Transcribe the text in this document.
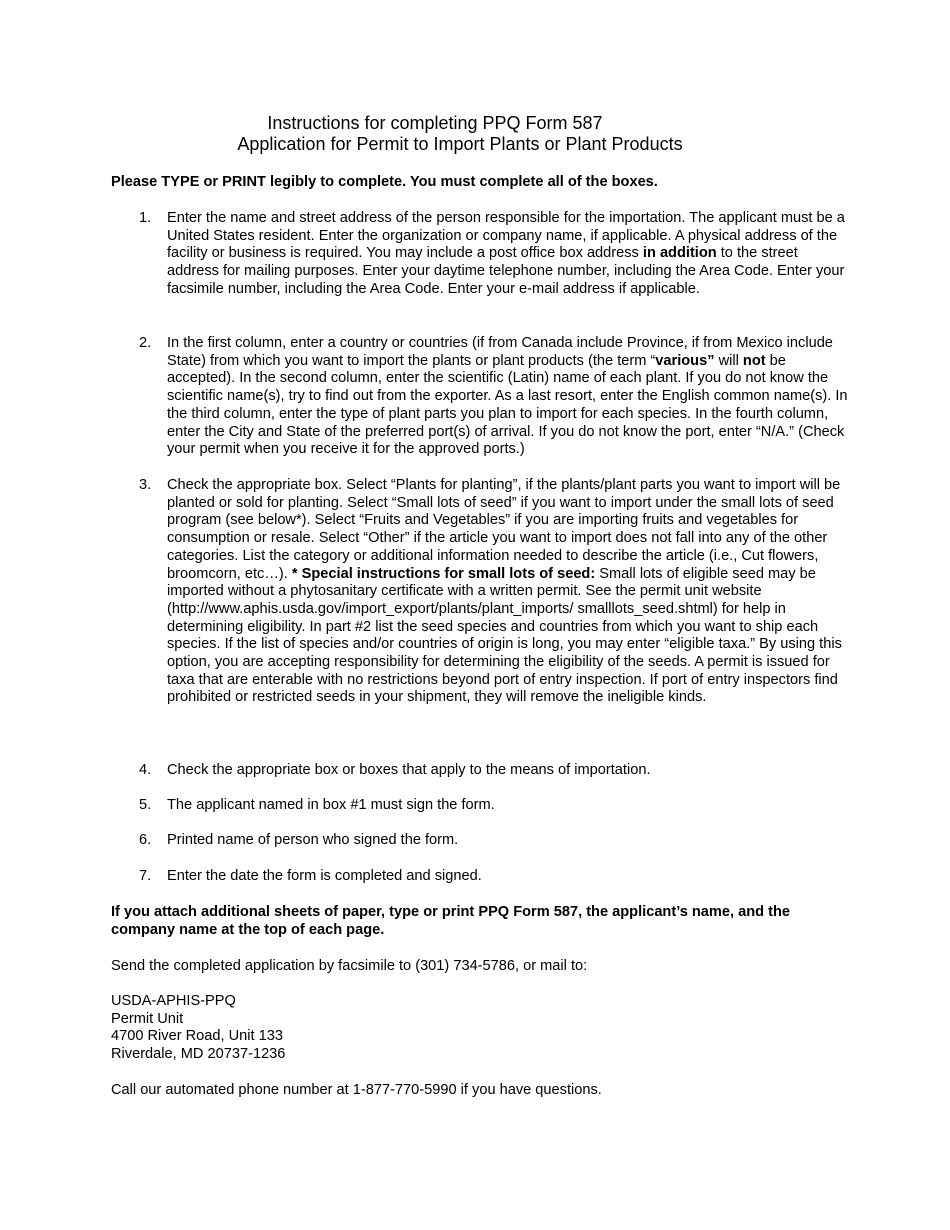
Instructions for completing PPQ Form 587
Application for Permit to Import Plants or Plant Products
Please TYPE or PRINT legibly to complete. You must complete all of the boxes.
1. Enter the name and street address of the person responsible for the importation. The applicant must be a United States resident. Enter the organization or company name, if applicable. A physical address of the facility or business is required. You may include a post office box address in addition to the street address for mailing purposes. Enter your daytime telephone number, including the Area Code. Enter your facsimile number, including the Area Code. Enter your e-mail address if applicable.
2. In the first column, enter a country or countries (if from Canada include Province, if from Mexico include State) from which you want to import the plants or plant products (the term “various” will not be accepted). In the second column, enter the scientific (Latin) name of each plant. If you do not know the scientific name(s), try to find out from the exporter. As a last resort, enter the English common name(s). In the third column, enter the type of plant parts you plan to import for each species. In the fourth column, enter the City and State of the preferred port(s) of arrival. If you do not know the port, enter “N/A.” (Check your permit when you receive it for the approved ports.)
3. Check the appropriate box. Select “Plants for planting”, if the plants/plant parts you want to import will be planted or sold for planting. Select “Small lots of seed” if you want to import under the small lots of seed program (see below*). Select “Fruits and Vegetables” if you are importing fruits and vegetables for consumption or resale. Select “Other” if the article you want to import does not fall into any of the other categories. List the category or additional information needed to describe the article (i.e., Cut flowers, broomcorn, etc…). * Special instructions for small lots of seed: Small lots of eligible seed may be imported without a phytosanitary certificate with a written permit. See the permit unit website (http://www.aphis.usda.gov/import_export/plants/plant_imports/ smalllots_seed.shtml) for help in determining eligibility. In part #2 list the seed species and countries from which you want to ship each species. If the list of species and/or countries of origin is long, you may enter “eligible taxa.” By using this option, you are accepting responsibility for determining the eligibility of the seeds. A permit is issued for taxa that are enterable with no restrictions beyond port of entry inspection. If port of entry inspectors find prohibited or restricted seeds in your shipment, they will remove the ineligible kinds.
4. Check the appropriate box or boxes that apply to the means of importation.
5. The applicant named in box #1 must sign the form.
6. Printed name of person who signed the form.
7. Enter the date the form is completed and signed.
If you attach additional sheets of paper, type or print PPQ Form 587, the applicant’s name, and the company name at the top of each page.
Send the completed application by facsimile to (301) 734-5786, or mail to:
USDA-APHIS-PPQ
Permit Unit
4700 River Road, Unit 133
Riverdale, MD 20737-1236
Call our automated phone number at 1-877-770-5990 if you have questions.
